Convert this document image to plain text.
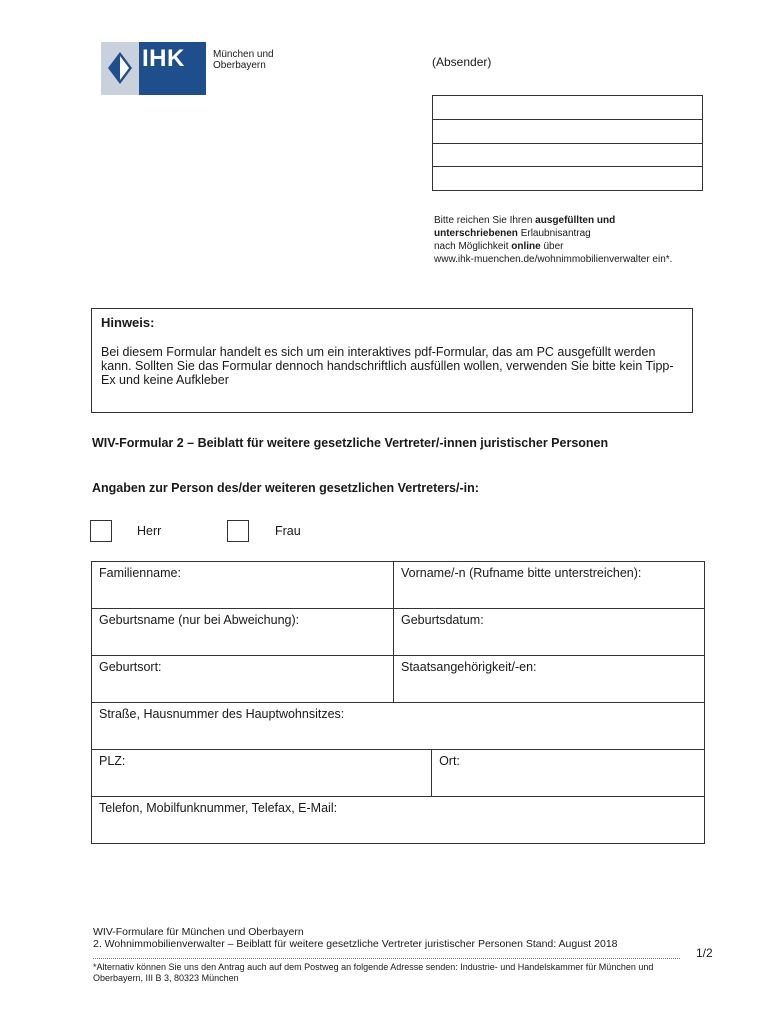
IHK	München und
Oberbayern	(Absender)
Bitte reichen Sie Ihren ausgefüllten und
unterschriebenen Erlaubnisantrag
nach Möglichkeit online über
www.ihk-muenchen.de/wohnimmobilienverwalter ein*.
Hinweis:
Bei diesem Formular handelt es sich um ein interaktives pdf-Formular, das am PC ausgefüllt werden kann. Sollten Sie das Formular dennoch handschriftlich ausfüllen wollen, verwenden Sie bitte kein Tipp-Ex und keine Aufkleber
WIV-Formular 2 – Beiblatt für weitere gesetzliche Vertreter/-innen juristischer Personen
Angaben zur Person des/der weiteren gesetzlichen Vertreters/-in:
Herr	Frau
Familienname:	Vorname/-n (Rufname bitte unterstreichen):	
Geburtsname (nur bei Abweichung):	Geburtsdatum:	
Geburtsort:	Staatsangehörigkeit/-en:	
Straße, Hausnummer des Hauptwohnsitzes:		
PLZ:		Ort:
Telefon, Mobilfunknummer, Telefax, E-Mail:		
WIV-Formulare für München und Oberbayern
2. Wohnimmobilienverwalter – Beiblatt für weitere gesetzliche Vertreter juristischer Personen Stand: August 2018
*Alternativ können Sie uns den Antrag auch auf dem Postweg an folgende Adresse senden: Industrie- und Handelskammer für München und Oberbayern, III B 3, 80323 München
1/2
